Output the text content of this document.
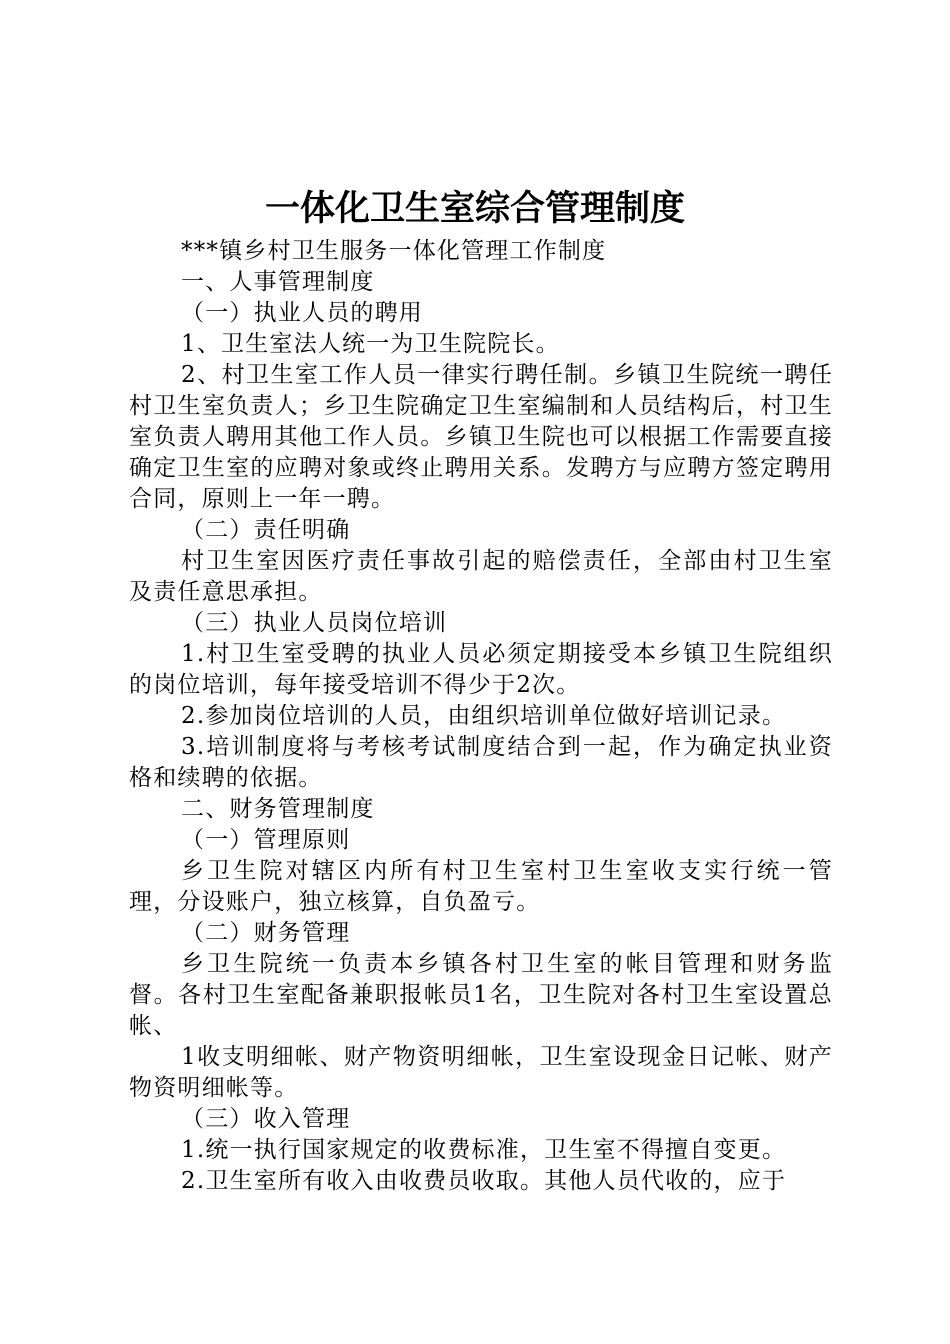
一体化卫生室综合管理制度

***镇乡村卫生服务一体化管理工作制度

一、人事管理制度

（一）执业人员的聘用

1、卫生室法人统一为卫生院院长。

2、村卫生室工作人员一律实行聘任制。乡镇卫生院统一聘任村卫生室负责人；乡卫生院确定卫生室编制和人员结构后，村卫生室负责人聘用其他工作人员。乡镇卫生院也可以根据工作需要直接确定卫生室的应聘对象或终止聘用关系。发聘方与应聘方签定聘用合同，原则上一年一聘。

（二）责任明确

村卫生室因医疗责任事故引起的赔偿责任，全部由村卫生室及责任意思承担。

（三）执业人员岗位培训

1.村卫生室受聘的执业人员必须定期接受本乡镇卫生院组织的岗位培训，每年接受培训不得少于2次。

2.参加岗位培训的人员，由组织培训单位做好培训记录。

3.培训制度将与考核考试制度结合到一起，作为确定执业资格和续聘的依据。

二、财务管理制度

（一）管理原则

乡卫生院对辖区内所有村卫生室村卫生室收支实行统一管理，分设账户，独立核算，自负盈亏。

（二）财务管理

乡卫生院统一负责本乡镇各村卫生室的帐目管理和财务监督。各村卫生室配备兼职报帐员1名，卫生院对各村卫生室设置总帐、

1收支明细帐、财产物资明细帐，卫生室设现金日记帐、财产物资明细帐等。

（三）收入管理

1.统一执行国家规定的收费标准，卫生室不得擅自变更。

2.卫生室所有收入由收费员收取。其他人员代收的，应于
